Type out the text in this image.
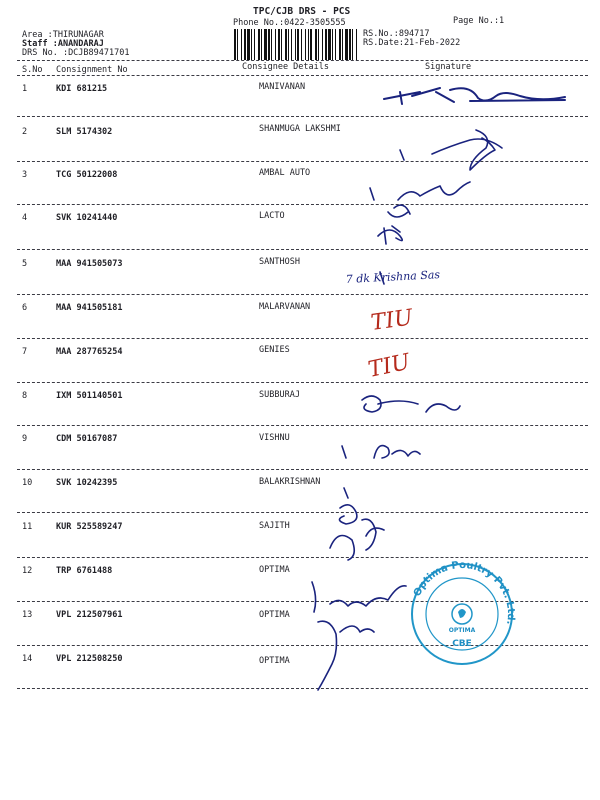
TPC/CJB DRS - PCS
Phone No.:0422-3505555	Page No.:1
Area :THIRUNAGAR
Staff :ANANDARAJ
DRS No. :DCJB89471701
RS.No.:894717
RS.Date:21-Feb-2022
S.No Consignment No	Consignee Details	Signature
1	KDI 681215	MANIVANAN
2	SLM 5174302	SHANMUGA LAKSHMI
3	TCG 50122008	AMBAL AUTO
4	SVK 10241440	LACTO
5	MAA 941505073	SANTHOSH
6	MAA 941505181	MALARVANAN
7	MAA 287765254	GENIES
8	IXM 501140501	SUBBURAJ
9	CDM 50167087	VISHNU
10	SVK 10242395	BALAKRISHNAN
11	KUR 525589247	SAJITH
12	TRP 6761488	OPTIMA
13	VPL 212507961	OPTIMA
14	VPL 212508250	OPTIMA
7 dk Krishna Sas
TIU
TIU
Optima Poultry Pvt. Ltd.
OPTIMA
CBE
